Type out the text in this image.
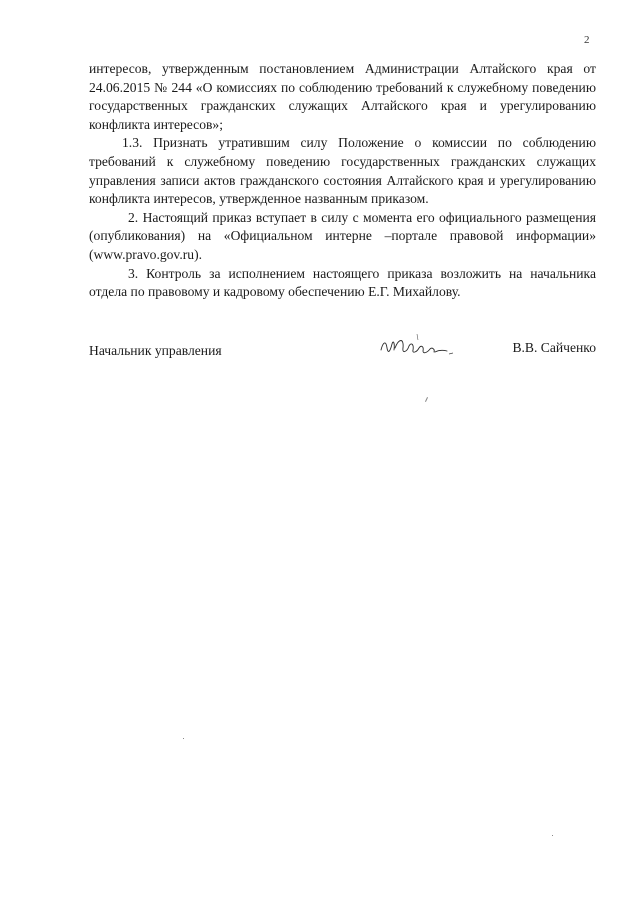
2

интересов, утвержденным постановлением Администрации Алтайского края от 24.06.2015 № 244 «О комиссиях по соблюдению требований к служебному поведению государственных гражданских служащих Алтайского края и урегулированию конфликта интересов»;

1.3. Признать утратившим силу Положение о комиссии по соблюдению требований к служебному поведению государственных гражданских служащих управления записи актов гражданского состояния Алтайского края и урегулированию конфликта интересов, утвержденное названным приказом.

2. Настоящий приказ вступает в силу с момента его официального размещения (опубликования) на «Официальном интерне –портале правовой информации» (www.pravo.gov.ru).

3. Контроль за исполнением настоящего приказа возложить на начальника отдела по правовому и кадровому обеспечению Е.Г. Михайлову.

Начальник управления	В.В. Сайченко
